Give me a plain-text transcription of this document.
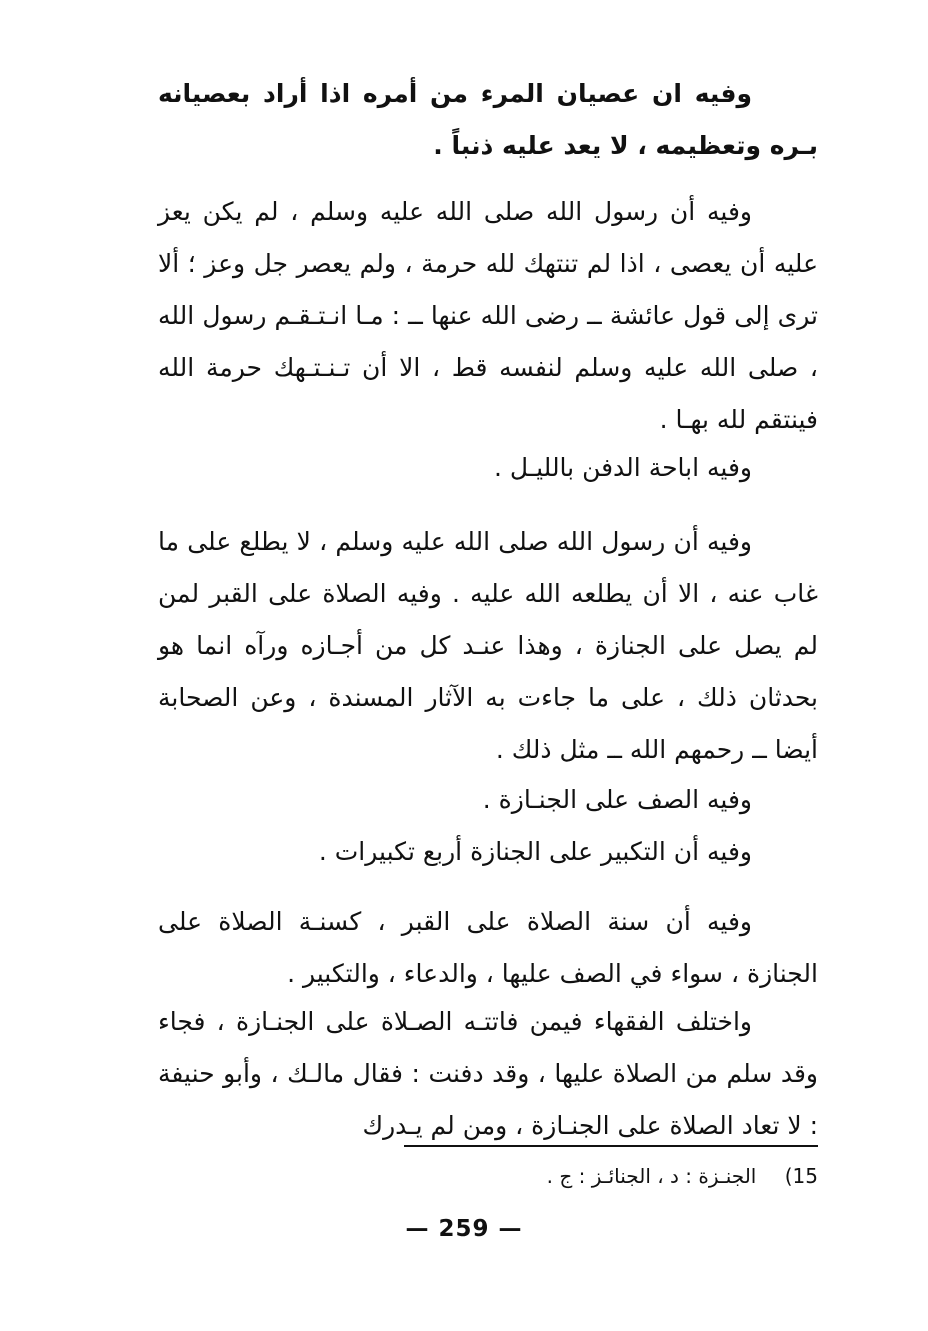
وفيه ان عصيان المرء من أمره اذا أراد بعصيانه بـره وتعظيمه ، لا يعد عليه ذنباً .

وفيه أن رسول الله صلى الله عليه وسلم ، لم يكن يعز عليه أن يعصى ، اذا لم تنتهك لله حرمة ، ولم يعصر جل وعز ؛ ألا ترى إلى قول عائشة ــ رضى الله عنها ــ : مـا انـتـقـم رسول الله ، صلى الله عليه وسلم لنفسه قط ، الا أن تـنـتـهك حرمة الله فينتقم لله بهـا .

وفيه اباحة الدفن بالليـل .

وفيه أن رسول الله صلى الله عليه وسلم ، لا يطلع على ما غاب عنه ، الا أن يطلعه الله عليه . وفيه الصلاة على القبر لمن لم يصل على الجنازة ، وهذا عنـد كل من أجـازه ورآه انما هو بحدثان ذلك ، على ما جاءت به الآثار المسندة ، وعن الصحابة أيضا ــ رحمهم الله ــ مثل ذلك .

وفيه الصف على الجنـازة .

وفيه أن التكبير على الجنازة أربع تكبيرات .

وفيه أن سنة الصلاة على القبر ، كسنـة الصلاة على الجنازة ، سواء في الصف عليها ، والدعاء ، والتكبير .

واختلف الفقهاء فيمن فاتتـه الصـلاة على الجنـازة ، فجاء وقد سلم من الصلاة عليها ، وقد دفنت : فقال مالـك ، وأبو حنيفة : لا تعاد الصلاة على الجنـازة ، ومن لم يـدرك

15) الجنـزة : د ، الجنائـز : ج .
— 259 —
